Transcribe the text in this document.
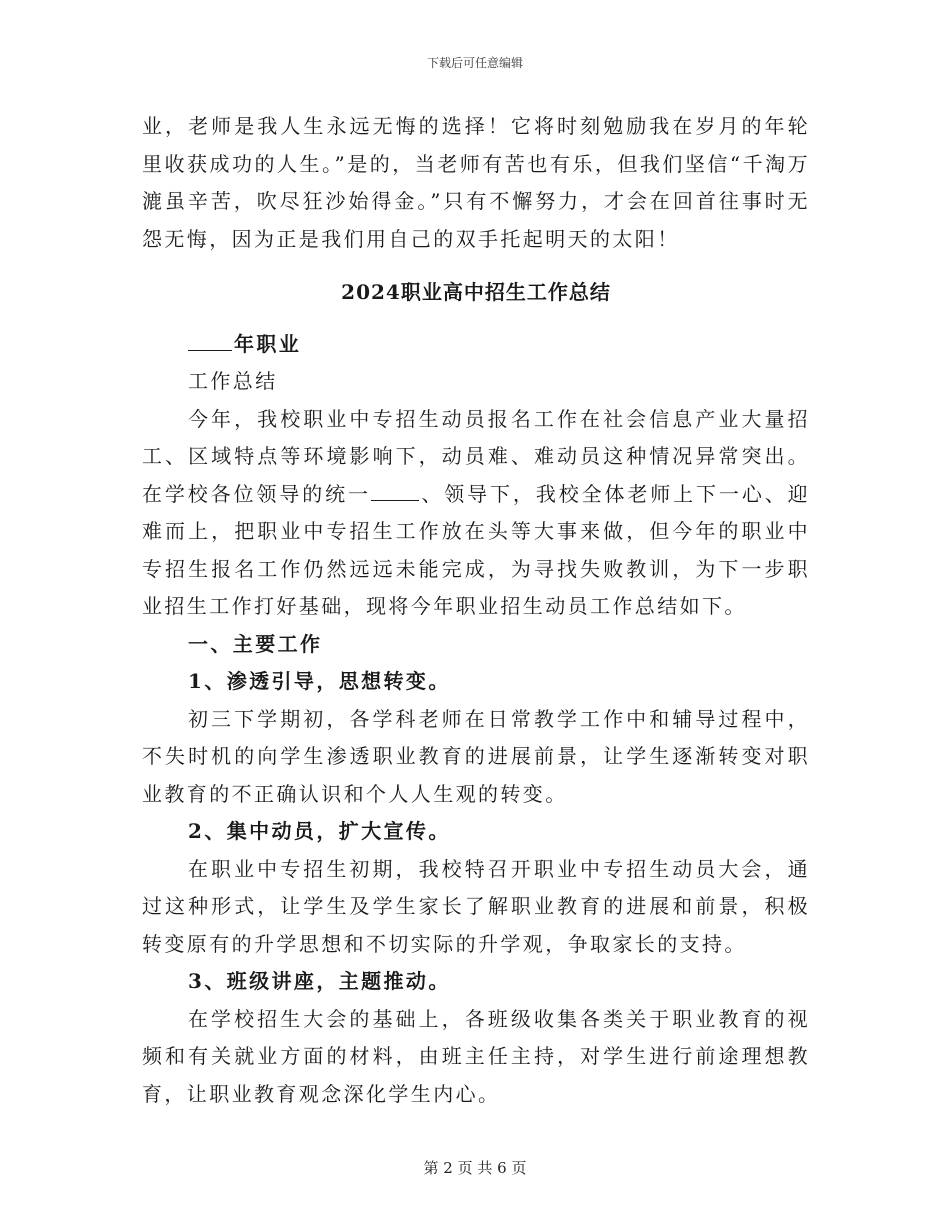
下载后可任意编辑

业，老师是我人生永远无悔的选择！它将时刻勉励我在岁月的年轮里收获成功的人生。”是的，当老师有苦也有乐，但我们坚信“千淘万漉虽辛苦，吹尽狂沙始得金。”只有不懈努力，才会在回首往事时无怨无悔，因为正是我们用自己的双手托起明天的太阳！

2024职业高中招生工作总结

年职业

工作总结

今年，我校职业中专招生动员报名工作在社会信息产业大量招工、区域特点等环境影响下，动员难、难动员这种情况异常突出。在学校各位领导的统一	、领导下，我校全体老师上下一心、迎难而上，把职业中专招生工作放在头等大事来做，但今年的职业中专招生报名工作仍然远远未能完成，为寻找失败教训，为下一步职业招生工作打好基础，现将今年职业招生动员工作总结如下。

一、主要工作

1、渗透引导，思想转变。

初三下学期初，各学科老师在日常教学工作中和辅导过程中，不失时机的向学生渗透职业教育的进展前景，让学生逐渐转变对职业教育的不正确认识和个人人生观的转变。

2、集中动员，扩大宣传。

在职业中专招生初期，我校特召开职业中专招生动员大会，通过这种形式，让学生及学生家长了解职业教育的进展和前景，积极转变原有的升学思想和不切实际的升学观，争取家长的支持。

3、班级讲座，主题推动。

在学校招生大会的基础上，各班级收集各类关于职业教育的视频和有关就业方面的材料，由班主任主持，对学生进行前途理想教育，让职业教育观念深化学生内心。

第 2 页 共 6 页
